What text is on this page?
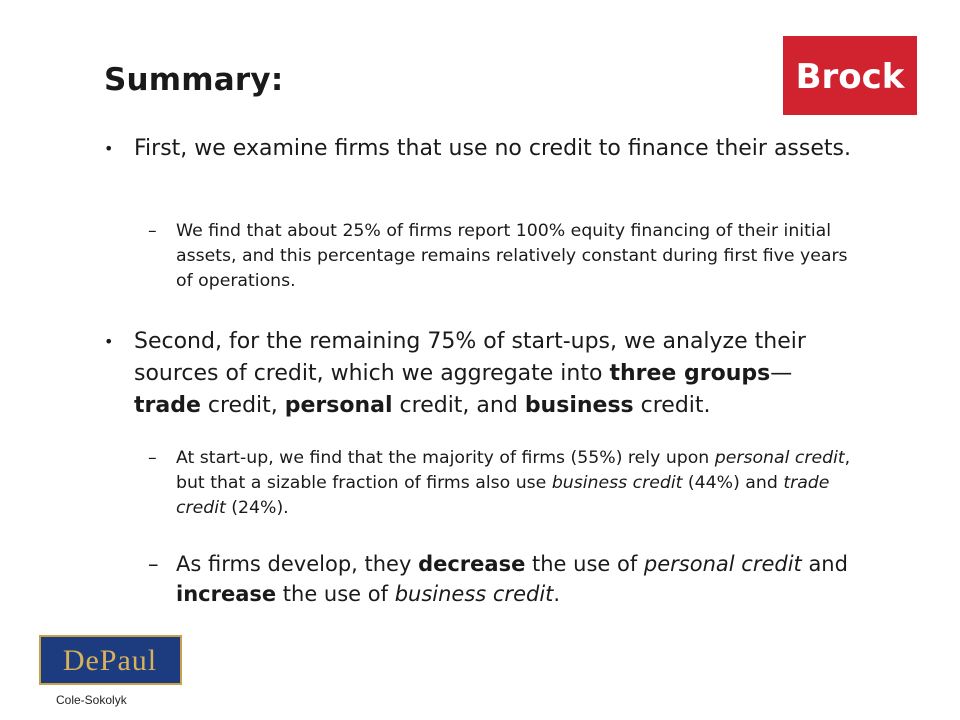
Summary:	Brock
• First, we examine firms that use no credit to finance their assets.
– We find that about 25% of firms report 100% equity financing of their initial assets, and this percentage remains relatively constant during first five years of operations.
• Second, for the remaining 75% of start-ups, we analyze their sources of credit, which we aggregate into three groups— trade credit, personal credit, and business credit.
– At start-up, we find that the majority of firms (55%) rely upon personal credit, but that a sizable fraction of firms also use business credit (44%) and trade credit (24%).
– As firms develop, they decrease the use of personal credit and increase the use of business credit.
DePaul
Cole-Sokolyk
